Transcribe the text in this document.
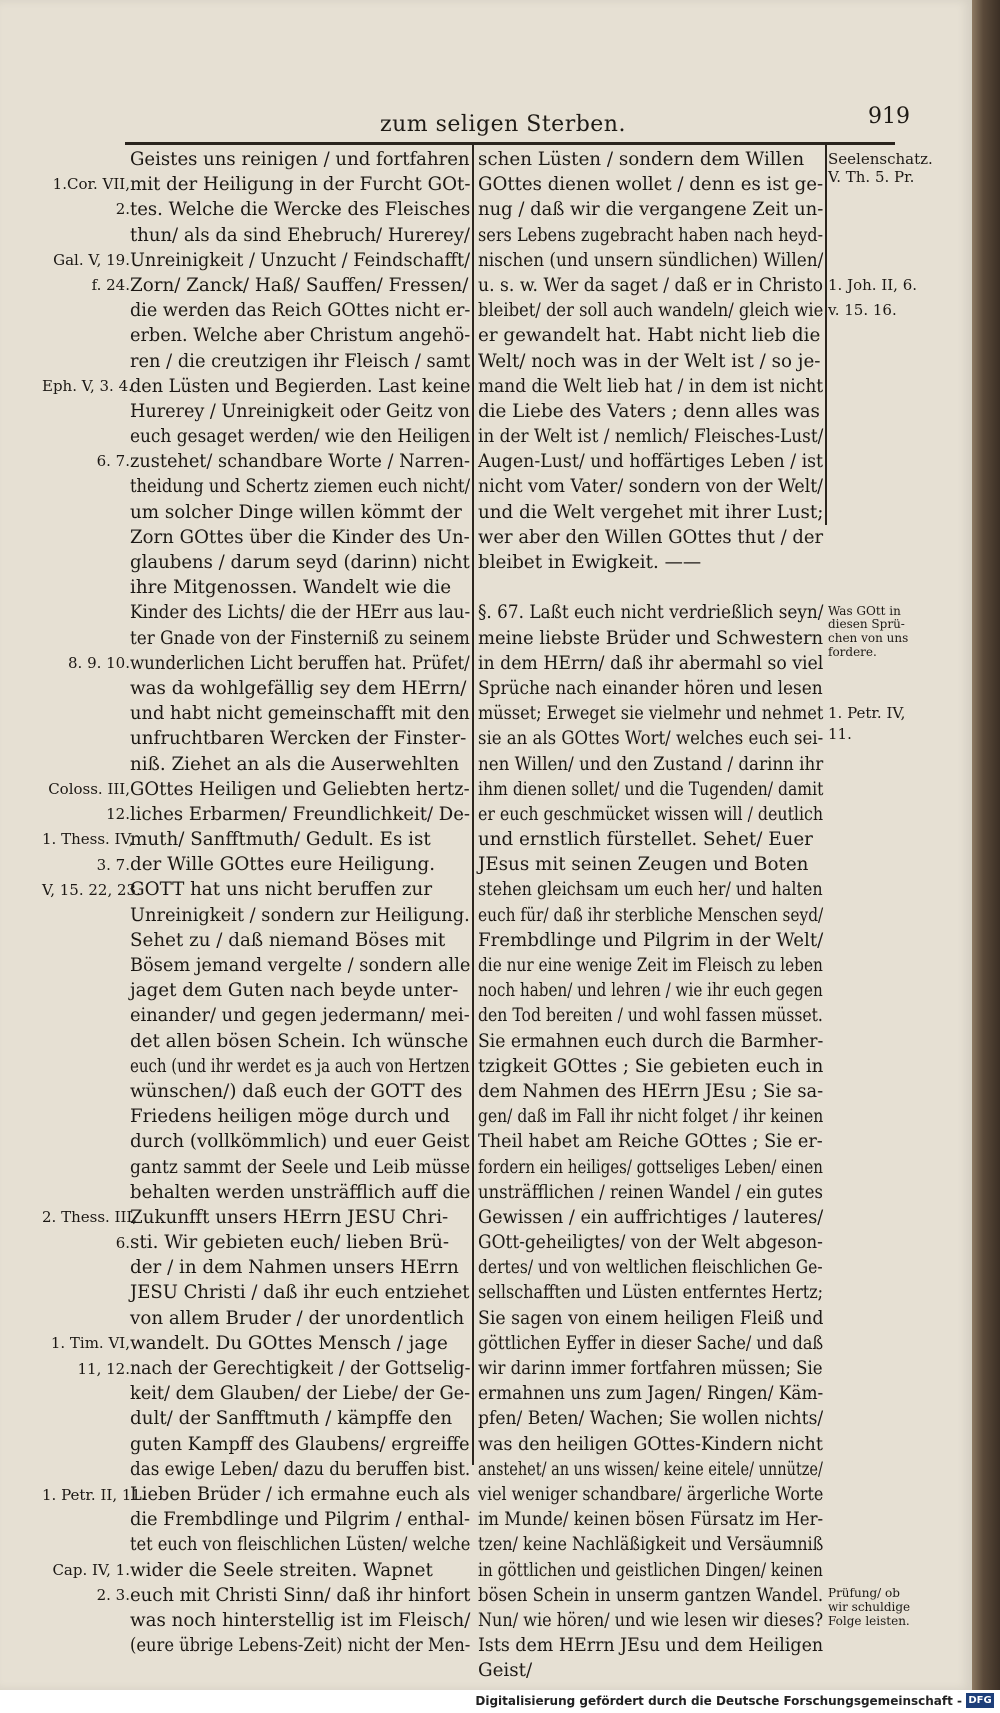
zum seligen Sterben.	919
Geistes uns reinigen / und fortfahren
mit der Heiligung in der Furcht GOt-
tes. Welche die Wercke des Fleisches
thun/ als da sind Ehebruch/ Hurerey/
Unreinigkeit / Unzucht / Feindschafft/
Zorn/ Zanck/ Haß/ Sauffen/ Fressen/
die werden das Reich GOttes nicht er-
erben. Welche aber Christum angehö-
ren / die creutzigen ihr Fleisch / samt
den Lüsten und Begierden. Last keine
Hurerey / Unreinigkeit oder Geitz von
euch gesaget werden/ wie den Heiligen
zustehet/ schandbare Worte / Narren-
theidung und Schertz ziemen euch nicht/
um solcher Dinge willen kömmt der
Zorn GOttes über die Kinder des Un-
glaubens / darum seyd (darinn) nicht
ihre Mitgenossen. Wandelt wie die
Kinder des Lichts/ die der HErr aus lau-
ter Gnade von der Finsterniß zu seinem
wunderlichen Licht beruffen hat. Prüfet/
was da wohlgefällig sey dem HErrn/
und habt nicht gemeinschafft mit den
unfruchtbaren Wercken der Finster-
niß. Ziehet an als die Auserwehlten
GOttes Heiligen und Geliebten hertz-
liches Erbarmen/ Freundlichkeit/ De-
muth/ Sanfftmuth/ Gedult. Es ist
der Wille GOttes eure Heiligung.
GOTT hat uns nicht beruffen zur
Unreinigkeit / sondern zur Heiligung.
Sehet zu / daß niemand Böses mit
Bösem jemand vergelte / sondern alle
jaget dem Guten nach beyde unter-
einander/ und gegen jedermann/ mei-
det allen bösen Schein. Ich wünsche
euch (und ihr werdet es ja auch von Hertzen
wünschen/) daß euch der GOTT des
Friedens heiligen möge durch und
durch (vollkömmlich) und euer Geist
gantz sammt der Seele und Leib müsse
behalten werden unsträfflich auff die
Zukunfft unsers HErrn JESU Chri-
sti. Wir gebieten euch/ lieben Brü-
der / in dem Nahmen unsers HErrn
JESU Christi / daß ihr euch entziehet
von allem Bruder / der unordentlich
wandelt. Du GOttes Mensch / jage
nach der Gerechtigkeit / der Gottselig-
keit/ dem Glauben/ der Liebe/ der Ge-
dult/ der Sanfftmuth / kämpffe den
guten Kampff des Glaubens/ ergreiffe
das ewige Leben/ dazu du beruffen bist.
Lieben Brüder / ich ermahne euch als
die Frembdlinge und Pilgrim / enthal-
tet euch von fleischlichen Lüsten/ welche
wider die Seele streiten. Wapnet
euch mit Christi Sinn/ daß ihr hinfort
was noch hinterstellig ist im Fleisch/
(eure übrige Lebens-Zeit) nicht der Men-
schen Lüsten / sondern dem Willen
GOttes dienen wollet / denn es ist ge-
nug / daß wir die vergangene Zeit un-
sers Lebens zugebracht haben nach heyd-
nischen (und unsern sündlichen) Willen/
u. s. w. Wer da saget / daß er in Christo
bleibet/ der soll auch wandeln/ gleich wie
er gewandelt hat. Habt nicht lieb die
Welt/ noch was in der Welt ist / so je-
mand die Welt lieb hat / in dem ist nicht
die Liebe des Vaters ; denn alles was
in der Welt ist / nemlich/ Fleisches-Lust/
Augen-Lust/ und hoffärtiges Leben / ist
nicht vom Vater/ sondern von der Welt/
und die Welt vergehet mit ihrer Lust;
wer aber den Willen GOttes thut / der
bleibet in Ewigkeit. ——
§. 67. Laßt euch nicht verdrießlich seyn/
meine liebste Brüder und Schwestern
in dem HErrn/ daß ihr abermahl so viel
Sprüche nach einander hören und lesen
müsset; Erweget sie vielmehr und nehmet
sie an als GOttes Wort/ welches euch sei-
nen Willen/ und den Zustand / darinn ihr
ihm dienen sollet/ und die Tugenden/ damit
er euch geschmücket wissen will / deutlich
und ernstlich fürstellet. Sehet/ Euer
JEsus mit seinen Zeugen und Boten
stehen gleichsam um euch her/ und halten
euch für/ daß ihr sterbliche Menschen seyd/
Frembdlinge und Pilgrim in der Welt/
die nur eine wenige Zeit im Fleisch zu leben
noch haben/ und lehren / wie ihr euch gegen
den Tod bereiten / und wohl fassen müsset.
Sie ermahnen euch durch die Barmher-
tzigkeit GOttes ; Sie gebieten euch in
dem Nahmen des HErrn JEsu ; Sie sa-
gen/ daß im Fall ihr nicht folget / ihr keinen
Theil habet am Reiche GOttes ; Sie er-
fordern ein heiliges/ gottseliges Leben/ einen
unsträfflichen / reinen Wandel / ein gutes
Gewissen / ein auffrichtiges / lauteres/
GOtt-geheiligtes/ von der Welt abgeson-
dertes/ und von weltlichen fleischlichen Ge-
sellschafften und Lüsten entferntes Hertz;
Sie sagen von einem heiligen Fleiß und
göttlichen Eyffer in dieser Sache/ und daß
wir darinn immer fortfahren müssen; Sie
ermahnen uns zum Jagen/ Ringen/ Käm-
pfen/ Beten/ Wachen; Sie wollen nichts/
was den heiligen GOttes-Kindern nicht
anstehet/ an uns wissen/ keine eitele/ unnütze/
viel weniger schandbare/ ärgerliche Worte
im Munde/ keinen bösen Fürsatz im Her-
tzen/ keine Nachläßigkeit und Versäumniß
in göttlichen und geistlichen Dingen/ keinen
bösen Schein in unserm gantzen Wandel.
Nun/ wie hören/ und wie lesen wir dieses?
Ists dem HErrn JEsu und dem Heiligen
Geist/
1.Cor. VII,
2.
Gal. V, 19.
f. 24.
Eph. V, 3. 4.
6. 7.
8. 9. 10.
Coloss. III,
12.
1. Thess. IV,
3. 7.
V, 15. 22, 23.
2. Thess. III,
6.
1. Tim. VI,
11, 12.
1. Petr. II, 11.
Cap. IV, 1.
2. 3.
Seelenschatz.
V. Th. 5. Pr.
1. Joh. II, 6.
v. 15. 16.
Was GOtt in
diesen Sprü-
chen von uns
fordere.
1. Petr. IV,
11.
Prüfung/ ob
wir schuldige
Folge leisten.
Digitalisierung gefördert durch die Deutsche Forschungsgemeinschaft - DFG
